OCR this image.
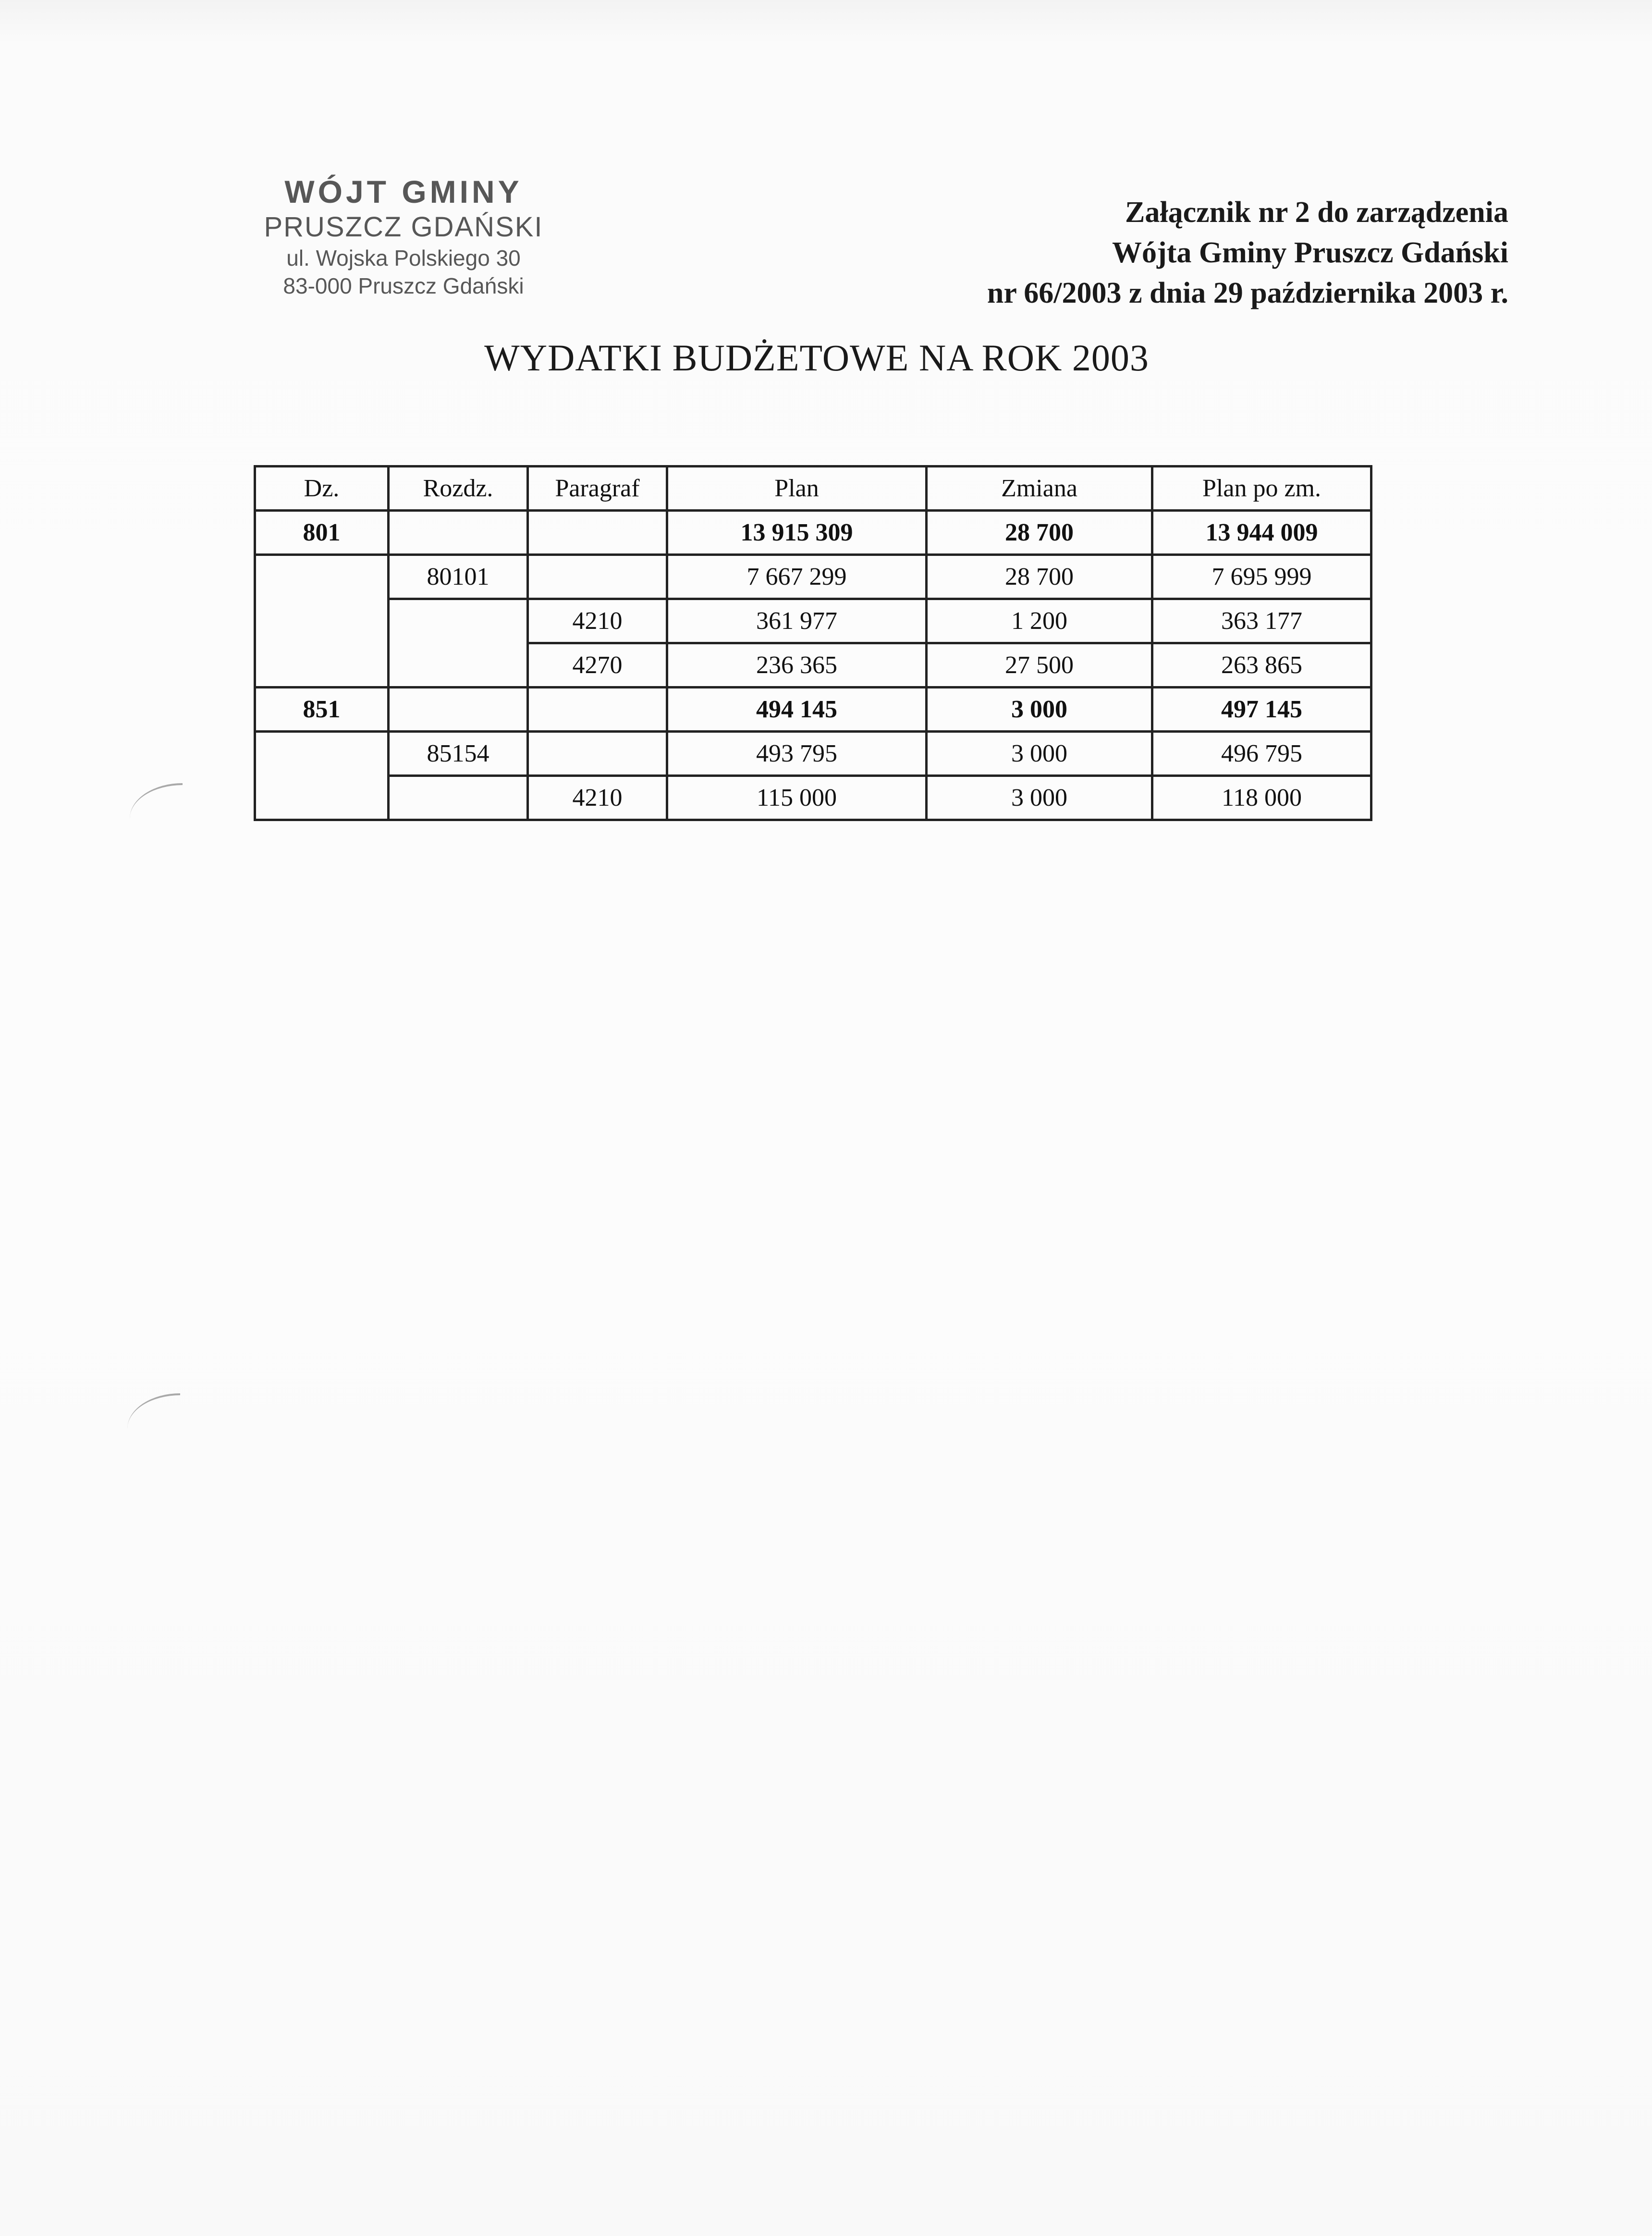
WÓJT GMINY
PRUSZCZ GDAŃSKI
ul. Wojska Polskiego 30
83-000 Pruszcz Gdański
Załącznik nr 2 do zarządzenia
Wójta Gminy Pruszcz Gdański
nr 66/2003 z dnia 29 października 2003 r.
WYDATKI BUDŻETOWE NA ROK 2003
Dz.	Rozdz.	Paragraf	Plan	Zmiana	Plan po zm.
801			13 915 309	28 700	13 944 009
	80101		7 667 299	28 700	7 695 999
		4210	361 977	1 200	363 177
		4270	236 365	27 500	263 865
851			494 145	3 000	497 145
	85154		493 795	3 000	496 795
		4210	115 000	3 000	118 000
